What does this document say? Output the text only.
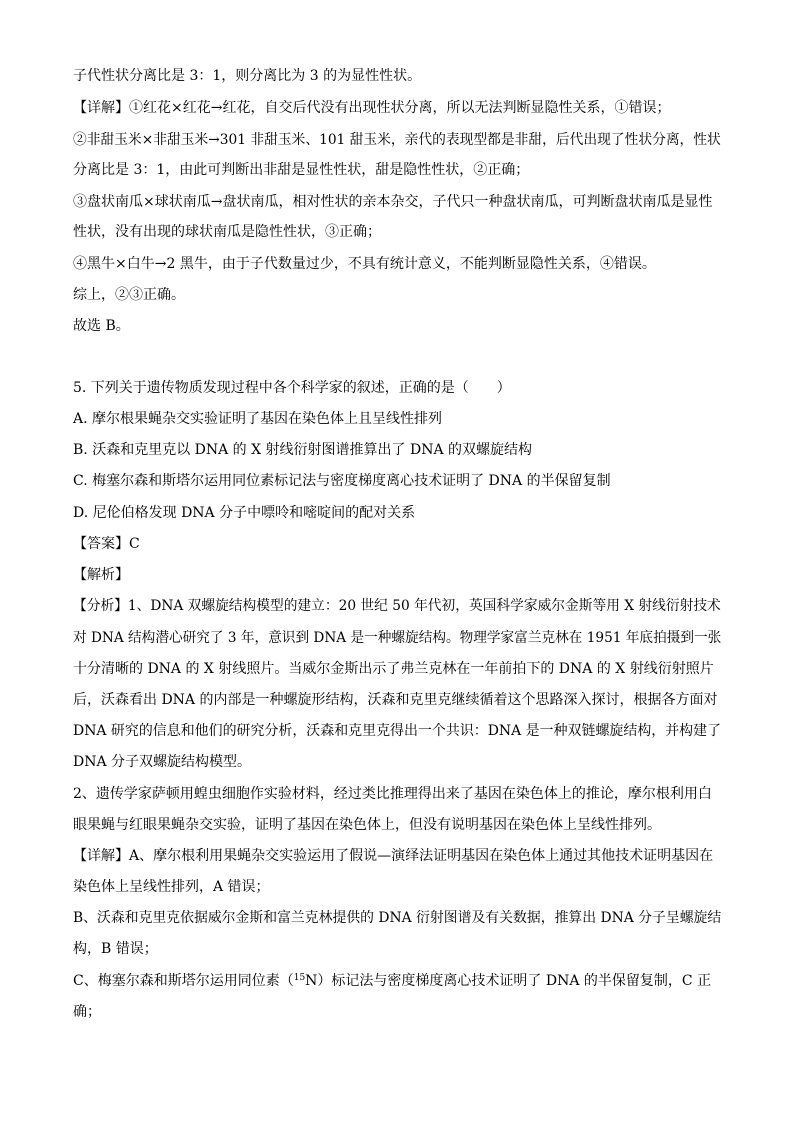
子代性状分离比是 3：1，则分离比为 3 的为显性性状。
【详解】①红花×红花→红花，自交后代没有出现性状分离，所以无法判断显隐性关系，①错误；
②非甜玉米×非甜玉米→301 非甜玉米、101 甜玉米，亲代的表现型都是非甜，后代出现了性状分离，性状
分离比是 3：1，由此可判断出非甜是显性性状，甜是隐性性状，②正确；
③盘状南瓜×球状南瓜→盘状南瓜，相对性状的亲本杂交，子代只一种盘状南瓜，可判断盘状南瓜是显性
性状，没有出现的球状南瓜是隐性性状，③正确；
④黑牛×白牛→2 黑牛，由于子代数量过少，不具有统计意义，不能判断显隐性关系，④错误。
综上，②③正确。
故选 B。
5. 下列关于遗传物质发现过程中各个科学家的叙述，正确的是（　　）
A. 摩尔根果蝇杂交实验证明了基因在染色体上且呈线性排列
B. 沃森和克里克以 DNA 的 X 射线衍射图谱推算出了 DNA 的双螺旋结构
C. 梅塞尔森和斯塔尔运用同位素标记法与密度梯度离心技术证明了 DNA 的半保留复制
D. 尼伦伯格发现 DNA 分子中嘌呤和嘧啶间的配对关系
【答案】C
【解析】
【分析】1、DNA 双螺旋结构模型的建立：20 世纪 50 年代初，英国科学家威尔金斯等用 X 射线衍射技术
对 DNA 结构潜心研究了 3 年，意识到 DNA 是一种螺旋结构。物理学家富兰克林在 1951 年底拍摄到一张
十分清晰的 DNA 的 X 射线照片。当威尔金斯出示了弗兰克林在一年前拍下的 DNA 的 X 射线衍射照片
后，沃森看出 DNA 的内部是一种螺旋形结构，沃森和克里克继续循着这个思路深入探讨，根据各方面对
DNA 研究的信息和他们的研究分析，沃森和克里克得出一个共识：DNA 是一种双链螺旋结构，并构建了
DNA 分子双螺旋结构模型。
2、遗传学家萨顿用蝗虫细胞作实验材料，经过类比推理得出来了基因在染色体上的推论，摩尔根利用白
眼果蝇与红眼果蝇杂交实验，证明了基因在染色体上，但没有说明基因在染色体上呈线性排列。
【详解】A、摩尔根利用果蝇杂交实验运用了假说—演绎法证明基因在染色体上通过其他技术证明基因在
染色体上呈线性排列，A 错误；
B、沃森和克里克依据威尔金斯和富兰克林提供的 DNA 衍射图谱及有关数据，推算出 DNA 分子呈螺旋结
构，B 错误；
C、梅塞尔森和斯塔尔运用同位素（$^{15}$N）标记法与密度梯度离心技术证明了 DNA 的半保留复制，C 正
确；
